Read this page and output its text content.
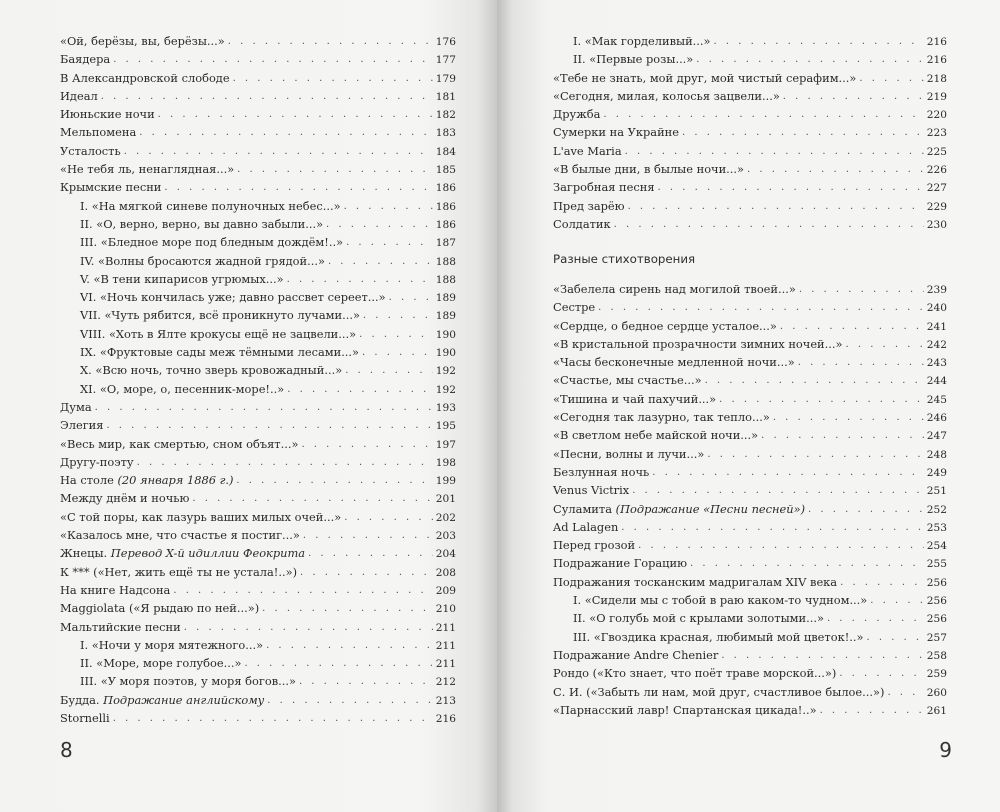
«Ой, берёзы, вы, берёзы...» . . .	176
Баядера . . .	177
В Александровской слободе . . .	179
Идеал . . .	181
Июньские ночи . . .	182
Мельпомена . . .	183
Усталость . . .	184
«Не тебя ль, ненаглядная...» . . .	185
Крымские песни . . .	186
I. «На мягкой синеве полуночных небес...» . . .	186
II. «О, верно, верно, вы давно забыли...» . . .	186
III. «Бледное море под бледным дождём!..» . . .	187
IV. «Волны бросаются жадной грядой...» . . .	188
V. «В тени кипарисов угрюмых...» . . .	188
VI. «Ночь кончилась уже; давно рассвет сереет...» . . .	189
VII. «Чуть рябится, всё проникнуто лучами...» . . .	189
VIII. «Хоть в Ялте крокусы ещё не зацвели...» . . .	190
IX. «Фруктовые сады меж тёмными лесами...» . . .	190
X. «Всю ночь, точно зверь кровожадный...» . . .	192
XI. «О, море, о, песенник-море!..» . . .	192
Дума . . .	193
Элегия . . .	195
«Весь мир, как смертью, сном объят...» . . .	197
Другу-поэту . . .	198
На столе (20 января 1886 г.) . . .	199
Между днём и ночью . . .	201
«С той поры, как лазурь ваших милых очей...» . . .	202
«Казалось мне, что счастье я постиг...» . . .	203
Жнецы. Перевод X-й идиллии Феокрита . . .	204
К *** («Нет, жить ещё ты не устала!..») . . .	208
На книге Надсона . . .	209
Maggiolata («Я рыдаю по ней...») . . .	210
Мальтийские песни . . .	211
I. «Ночи у моря мятежного...» . . .	211
II. «Море, море голубое...» . . .	211
III. «У моря поэтов, у моря богов...» . . .	212
Будда. Подражание английскому . . .	213
Stornelli . . .	216
8
I. «Мак горделивый...» . . .	216
II. «Первые розы...» . . .	216
«Тебе не знать, мой друг, мой чистый серафим...» . . .	218
«Сегодня, милая, колосья зацвели...» . . .	219
Дружба . . .	220
Сумерки на Украйне . . .	223
L'ave Maria . . .	225
«В былые дни, в былые ночи...» . . .	226
Загробная песня . . .	227
Пред зарёю . . .	229
Солдатик . . .	230
Разные стихотворения
«Забелела сирень над могилой твоей...» . . .	239
Сестре . . .	240
«Сердце, о бедное сердце усталое...» . . .	241
«В кристальной прозрачности зимних ночей...» . . .	242
«Часы бесконечные медленной ночи...» . . .	243
«Счастье, мы счастье...» . . .	244
«Тишина и чай пахучий...» . . .	245
«Сегодня так лазурно, так тепло...» . . .	246
«В светлом небе майской ночи...» . . .	247
«Песни, волны и лучи...» . . .	248
Безлунная ночь . . .	249
Venus Victrix . . .	251
Суламита (Подражание «Песни песней») . . .	252
Ad Lalagen . . .	253
Перед грозой . . .	254
Подражание Горацию . . .	255
Подражания тосканским мадригалам XIV века . . .	256
I. «Сидели мы с тобой в раю каком-то чудном...» . . .	256
II. «О голубь мой с крылами золотыми...» . . .	256
III. «Гвоздика красная, любимый мой цветок!..» . . .	257
Подражание Andre Chenier . . .	258
Рондо («Кто знает, что поёт траве морской...») . . .	259
С. И. («Забыть ли нам, мой друг, счастливое былое...») . . .	260
«Парнасский лавр! Спартанская цикада!..» . . .	261
9
